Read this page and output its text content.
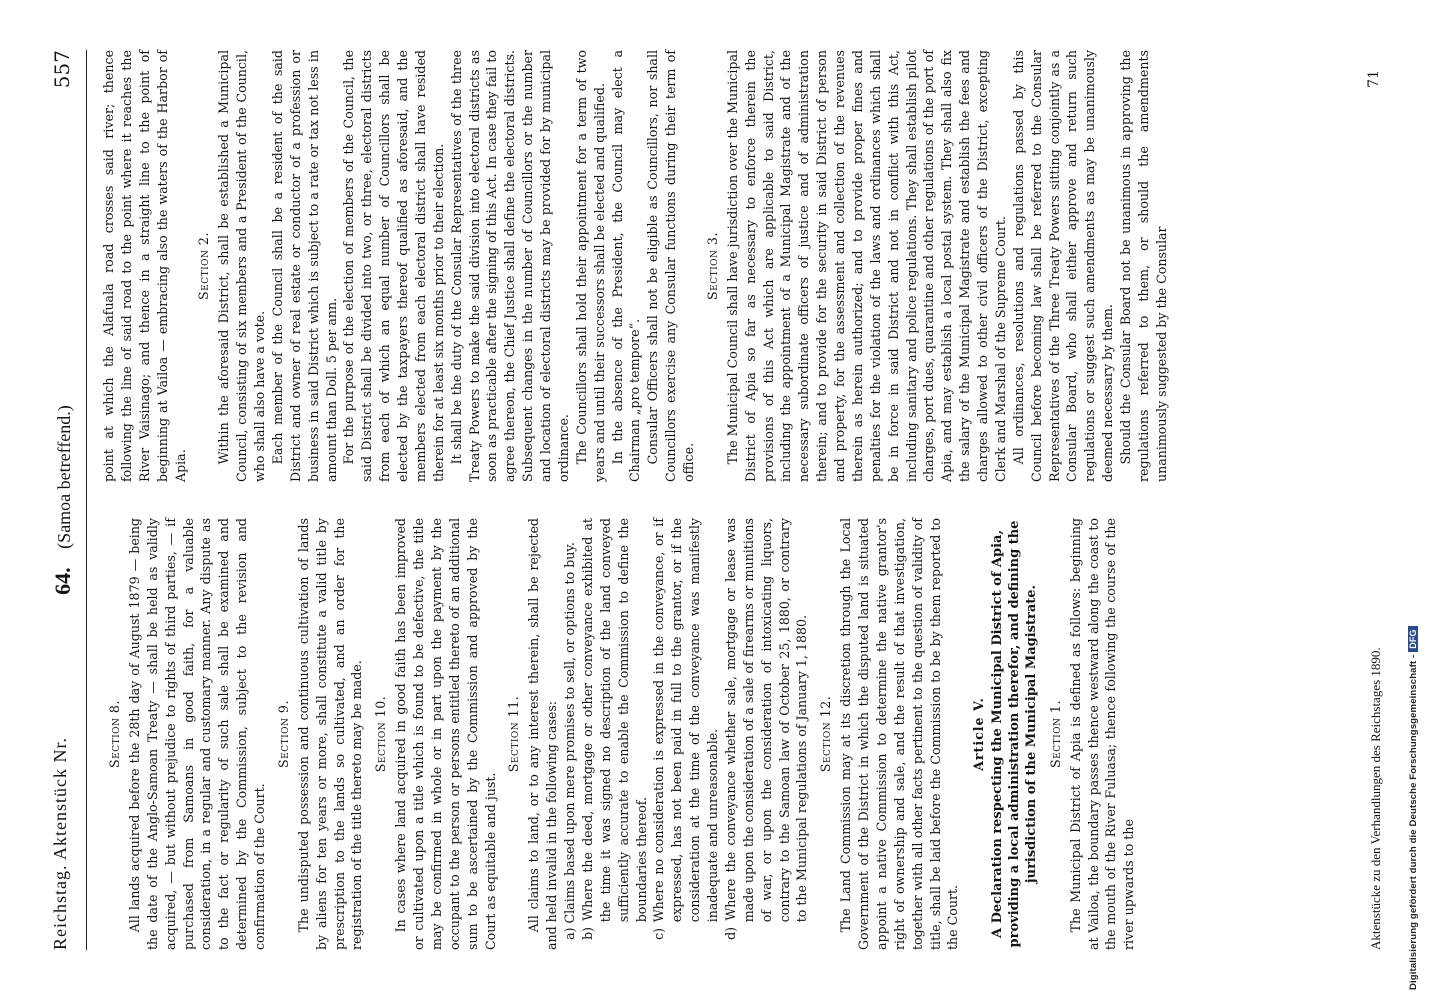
Reichstag. Aktenstück Nr.
64. (Samoa betreffend.)
557
Section 8. All lands acquired before the 28th day of August 1879 — being the date of the Anglo-Samoan Treaty — shall be held as validly acquired, — but without prejudice to rights of third parties, — if purchased from Samoans in good faith, for a valuable consideration, in a regular and customary manner. Any dispute as to the fact or regularity of such sale shall be examined and determined by the Commission, subject to the revision and confirmation of the Court.

Section 9. The undisputed possession and continuous cultivation of lands by aliens for ten years or more, shall constitute a valid title by prescription to the lands so cultivated, and an order for the registration of the title thereto may be made. Section 10. In cases where land acquired in good faith has been improved or cultivated upon a title which is found to be defective, the title may be confirmed in whole or in part upon the payment by the occupant to the person or persons entitled thereto of an additional sum to be ascertained by the Commission and approved by the Court as equitable and just.

Section 11. All claims to land, or to any interest therein, shall be rejected and held invalid in the following cases: a) Claims based upon mere promises to sell, or options to buy. b) Where the deed, mortgage or other conveyance exhibited at the time it was signed no description of the land conveyed sufficiently accurate to enable the Commission to define the boundaries thereof. c) Where no consideration is expressed in the conveyance, or if expressed, has not been paid in full to the grantor, or if the consideration at the time of the conveyance was manifestly inadequate and unreasonable. d) Where the conveyance whether sale, mortgage or lease was made upon the consideration of a sale of firearms or munitions of war, or upon the consideration of intoxicating liquors, contrary to the Samoan law of October 25, 1880, or contrary to the Municipal regulations of January 1, 1880. Section 12. The Land Commission may at its discretion through the Local Government of the District in which the disputed land is situated appoint a native Commission to determine the native grantor's right of ownership and sale, and the result of that investigation, together with all other facts pertinent to the question of validity of title, shall be laid before the Commission to be by them reported to the Court.

Article V. A Declaration respecting the Municipal District of Apia, providing a local administration therefor, and defining the jurisdiction of the Municipal Magistrate. Section 1. The Municipal District of Apia is defined as follows: beginning at Vailoa, the boundary passes thence westward along the coast to the mouth of the River Fuluasa; thence following the course of the river upwards to the

point at which the Alafuala road crosses said river; thence following the line of said road to the point where it reaches the River Vaisinago; and thence in a straight line to the point of beginning at Vailoa — embracing also the waters of the Harbor of Apia.

Section 2. Within the aforesaid District, shall be established a Municipal Council, consisting of six members and a President of the Council, who shall also have a vote. Each member of the Council shall be a resident of the said District and owner of real estate or conductor of a profession or business in said District which is subject to a rate or tax not less in amount than Doll. 5 per ann. For the purpose of the election of members of the Council, the said District shall be divided into two, or three, electoral districts from each of which an equal number of Councillors shall be elected by the taxpayers thereof qualified as aforesaid, and the members elected from each electoral district shall have resided therein for at least six months prior to their election. It shall be the duty of the Consular Representatives of the three Treaty Powers to make the said division into electoral districts as soon as practicable after the signing of this Act. In case they fail to agree thereon, the Chief Justice shall define the electoral districts. Subsequent changes in the number of Councillors or the number and location of electoral districts may be provided for by municipal ordinance. The Councillors shall hold their appointment for a term of two years and until their successors shall be elected and qualified. In the absence of the President, the Council may elect a Chairman „pro tempore“. Consular Officers shall not be eligible as Councillors, nor shall Councillors exercise any Consular functions during their term of office.

Section 3. The Municipal Council shall have jurisdiction over the Municipal District of Apia so far as necessary to enforce therein the provisions of this Act which are applicable to said District, including the appointment of a Municipal Magistrate and of the necessary subordinate officers of justice and of administration therein; and to provide for the security in said District of person and property, for the assessment and collection of the revenues therein as herein authorized; and to provide proper fines and penalties for the violation of the laws and ordinances which shall be in force in said District and not in conflict with this Act, including sanitary and police regulations. They shall establish pilot charges, port dues, quarantine and other regulations of the port of Apia, and may establish a local postal system. They shall also fix the salary of the Municipal Magistrate and establish the fees and charges allowed to other civil officers of the District, excepting Clerk and Marshal of the Supreme Court. All ordinances, resolutions and regulations passed by this Council before becoming law shall be referred to the Consular Representatives of the Three Treaty Powers sitting conjointly as a Consular Board, who shall either approve and return such regulations or suggest such amendments as may be unanimously deemed necessary by them. Should the Consular Board not be unanimous in approving the regulations referred to them, or should the amendments unanimously suggested by the Consular

Aktenstücke zu den Verhandlungen des Reichstages 1890.
71
Digitalisierung gefördert durch die Deutsche Forschungsgemeinschaft -DFG
